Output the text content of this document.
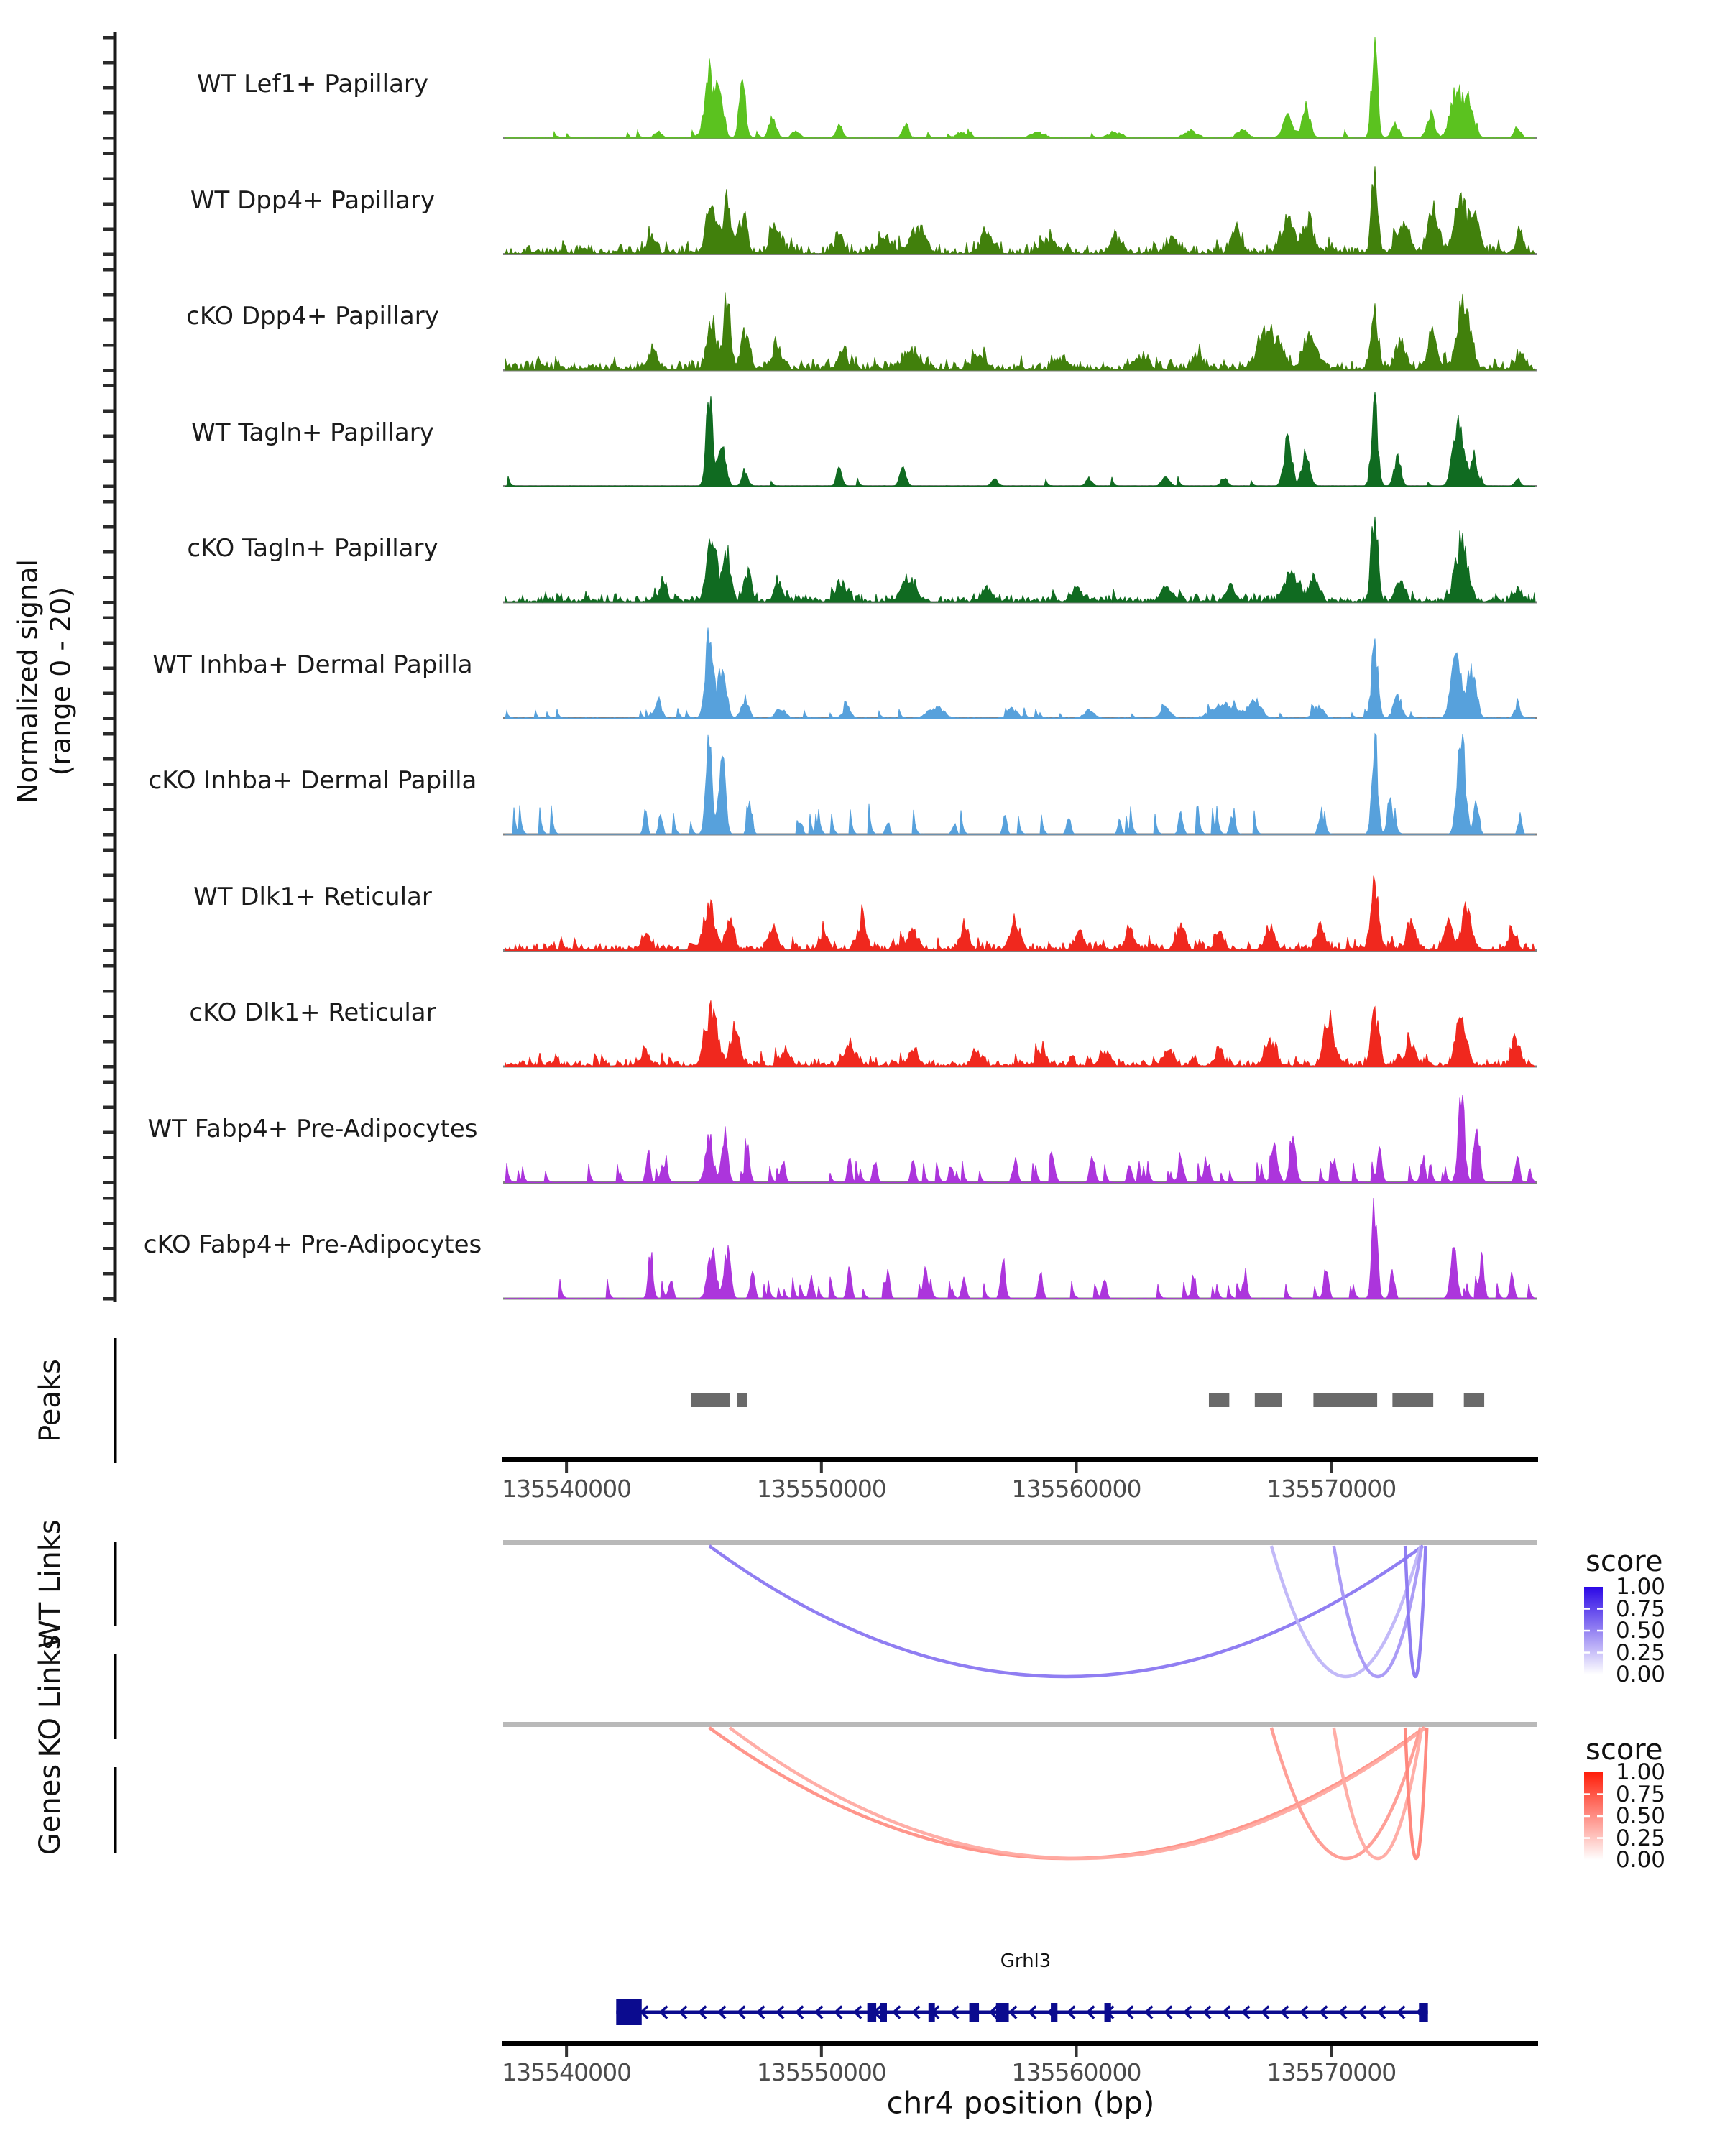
Normalized signal (range 0 - 20)
WT Lef1+ Papillary
WT Dpp4+ Papillary
cKO Dpp4+ Papillary
WT Tagln+ Papillary
cKO Tagln+ Papillary
WT Inhba+ Dermal Papilla
cKO Inhba+ Dermal Papilla
WT Dlk1+ Reticular
cKO Dlk1+ Reticular
WT Fabp4+ Pre-Adipocytes
cKO Fabp4+ Pre-Adipocytes
Peaks
WT Links
KO Links
Genes
135540000	135550000	135560000	135570000
135540000	135550000	135560000	135570000
score
1.00
0.75
0.50
0.25
0.00
score
1.00
0.75
0.50
0.25
0.00
Grhl3
chr4 position (bp)
